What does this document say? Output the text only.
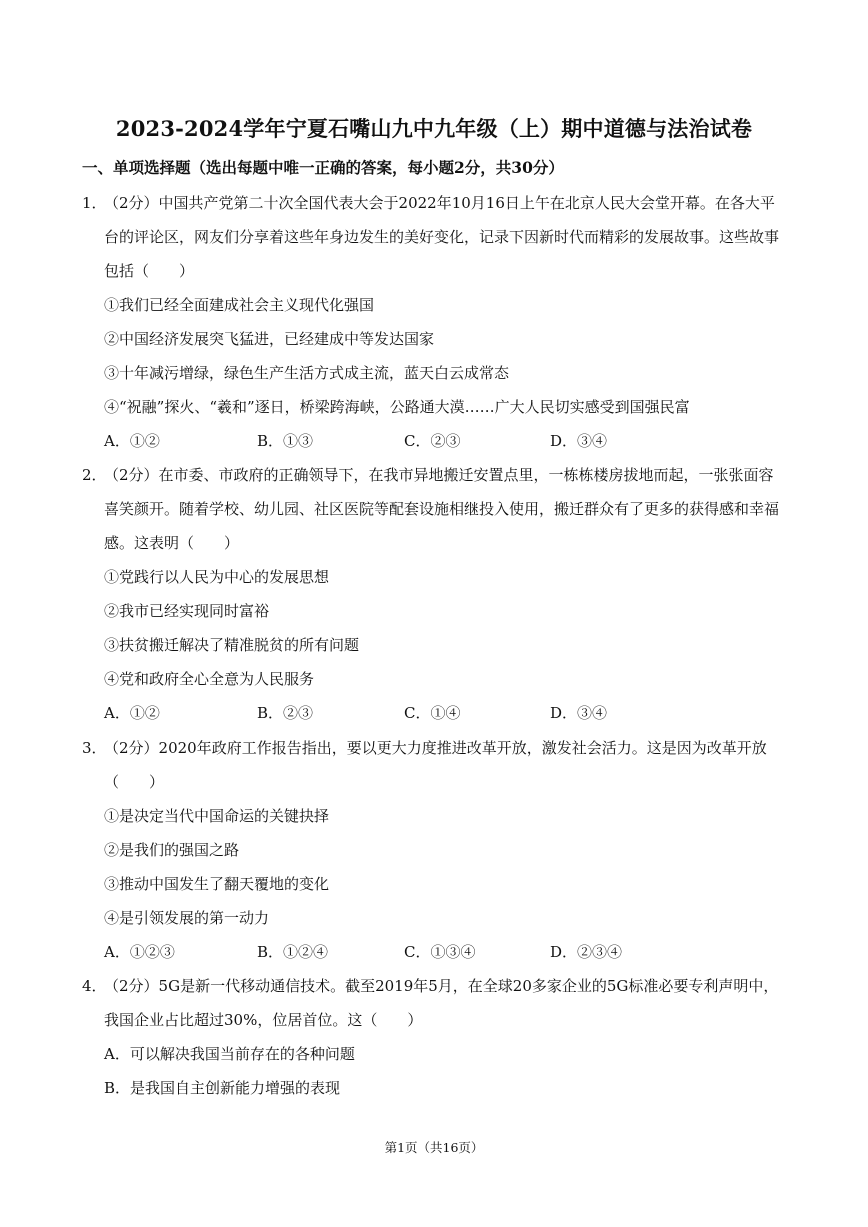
2023-2024学年宁夏石嘴山九中九年级（上）期中道德与法治试卷
一、单项选择题（选出每题中唯一正确的答案，每小题2分，共30分）
1．
（2分）中国共产党第二十次全国代表大会于2022年10月16日上午在北京人民大会堂开幕。在各大平
台的评论区，网友们分享着这些年身边发生的美好变化，记录下因新时代而精彩的发展故事。这些故事
包括（　　）
①我们已经全面建成社会主义现代化强国
②中国经济发展突飞猛进，已经建成中等发达国家
③十年减污增绿，绿色生产生活方式成主流，蓝天白云成常态
④“祝融”探火、“羲和”逐日，桥梁跨海峡，公路通大漠……广大人民切实感受到国强民富
A．①②	B．①③	C．②③	D．③④
2．
（2分）在市委、市政府的正确领导下，在我市异地搬迁安置点里，一栋栋楼房拔地而起，一张张面容
喜笑颜开。随着学校、幼儿园、社区医院等配套设施相继投入使用，搬迁群众有了更多的获得感和幸福
感。这表明（　　）
①党践行以人民为中心的发展思想
②我市已经实现同时富裕
③扶贫搬迁解决了精准脱贫的所有问题
④党和政府全心全意为人民服务
A．①②	B．②③	C．①④	D．③④
3．
（2分）2020年政府工作报告指出，要以更大力度推进改革开放，激发社会活力。这是因为改革开放
（　　）
①是决定当代中国命运的关键抉择
②是我们的强国之路
③推动中国发生了翻天覆地的变化
④是引领发展的第一动力
A．①②③	B．①②④	C．①③④	D．②③④
4．
（2分）5G是新一代移动通信技术。截至2019年5月，在全球20多家企业的5G标准必要专利声明中，
我国企业占比超过30%，位居首位。这（　　）
A．可以解决我国当前存在的各种问题
B．是我国自主创新能力增强的表现
第1页（共16页）
